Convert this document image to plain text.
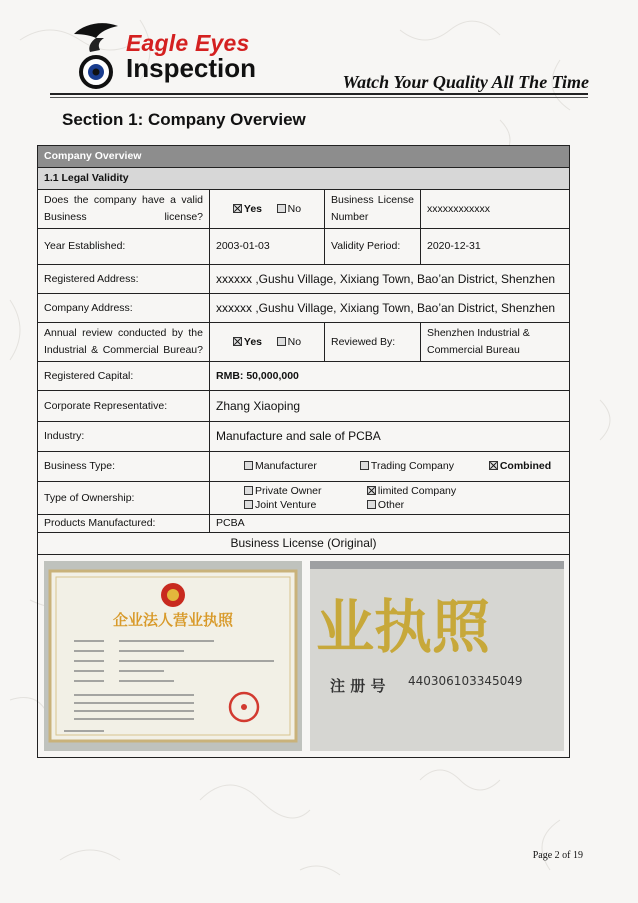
Eagle Eyes
Inspection	Watch Your Quality All The Time
Section 1: Company Overview
Company Overview			
1.1 Legal Validity			
Does the company have a valid Business license?	Yes No	Business License Number	xxxxxxxxxxxx
Year Established:	2003-01-03	Validity Period:	2020-12-31
Registered Address:	xxxxxx ,Gushu Village, Xixiang Town, Bao’an District, Shenzhen		
Company Address:	xxxxxx ,Gushu Village, Xixiang Town, Bao’an District, Shenzhen		
Annual review conducted by the Industrial & Commercial Bureau?	Yes No	Reviewed By:	Shenzhen Industrial & Commercial Bureau
Registered Capital:	RMB: 50,000,000		
Corporate Representative:	Zhang Xiaoping		
Industry:	Manufacture and sale of PCBA		
Business Type:	Manufacturer Trading Company Combined		
Type of Ownership:	Private Owner limited Company
Joint Venture Other		

Products Manufactured:	PCBA		
Business License (Original)			

企业法人营业执照 业执照
注 册 号 440306103345049			
Page 2 of 19
